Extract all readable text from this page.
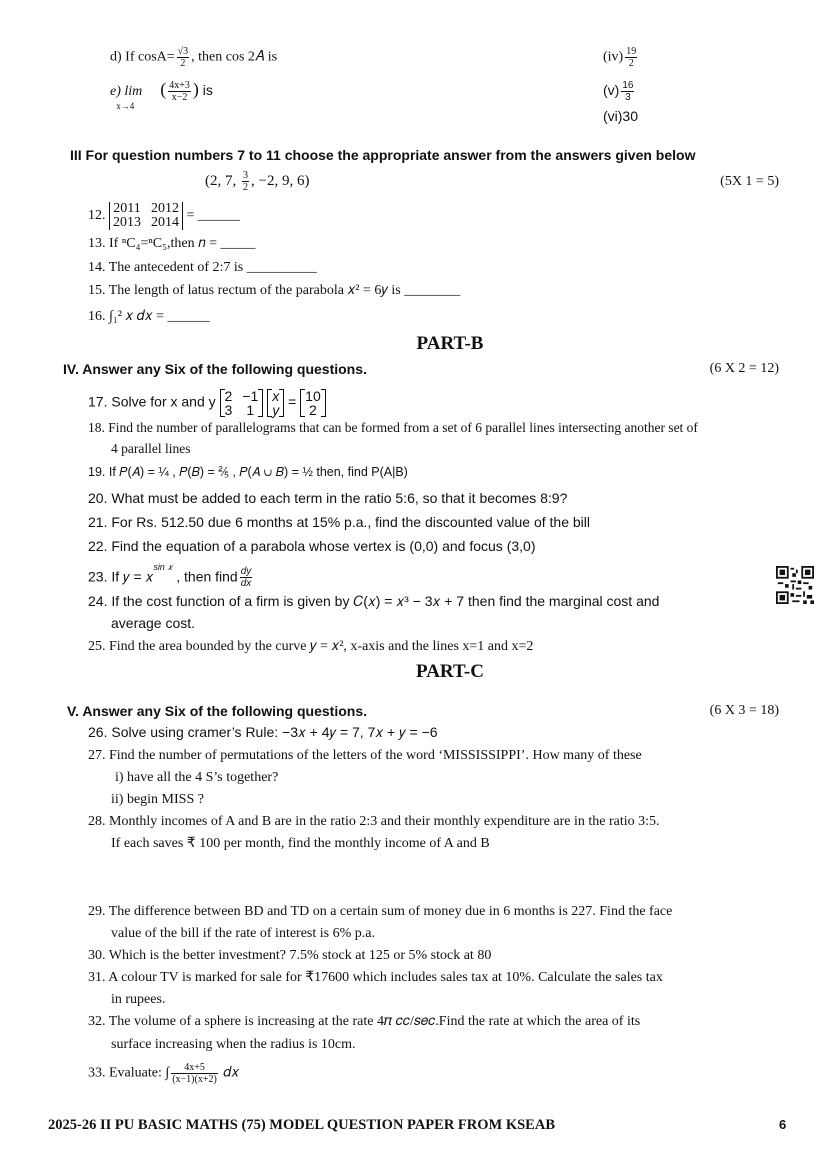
d) If $\cos A= \frac{√3}{2}$ , then cos 2𝐴 is	$(iv) \frac{19}{2}$
e) $\lim_{x\to 4}( \frac{4x+3}{x-2}$ ) is	$(v) \frac{16}{3}$
(vi)30
III For question numbers 7 to 11 choose the appropriate answer from the answers given below
(2, 7, $\frac{3}{2}$ , −2, 9, 6)	(5X 1 = 5)
12. 2011 2012
2013 2014 = ______
13. If ⁿC₄=ⁿC₅,then 𝑛 = _____
14. The antecedent of 2:7 is __________
15. The length of latus rectum of the parabola 𝑥² = 6𝑦 is ________
16. ∫₁² 𝑥 𝑑𝑥 = ______
PART-B
IV. Answer any Six of the following questions.	(6 X 2 = 12)
17. Solve for x and y 2 −1
3 1

x
y
= 10
2
18. Find the number of parallelograms that can be formed from a set of 6 parallel lines intersecting another set of
4 parallel lines
19. If 𝑃(𝐴) = ¼ , 𝑃(𝐵) = ⅖ , 𝑃(𝐴 ∪ 𝐵) = ½ then, find P(A|B)
20. What must be added to each term in the ratio 5:6, so that it becomes 8:9?
21. For Rs. 512.50 due 6 months at 15% p.a., find the discounted value of the bill
22. Find the equation of a parabola whose vertex is (0,0) and focus (3,0)
23. If 𝑦 = 𝑥$^{sin 𝑥}$ , then find $\frac{dy}{dx}$
24. If the cost function of a firm is given by 𝐶(𝑥) = 𝑥³ − 3𝑥 + 7 then find the marginal cost and
average cost.
25. Find the area bounded by the curve 𝑦 = 𝑥², x-axis and the lines x=1 and x=2
PART-C
V. Answer any Six of the following questions.	(6 X 3 = 18)
26. Solve using cramer’s Rule: −3𝑥 + 4𝑦 = 7, 7𝑥 + 𝑦 = −6
27. Find the number of permutations of the letters of the word ‘MISSISSIPPI’. How many of these
i) have all the 4 S’s together?
ii) begin MISS ?
28. Monthly incomes of A and B are in the ratio 2:3 and their monthly expenditure are in the ratio 3:5.
If each saves ₹ 100 per month, find the monthly income of A and B
29. The difference between BD and TD on a certain sum of money due in 6 months is 227. Find the face
value of the bill if the rate of interest is 6% p.a.
30. Which is the better investment? 7.5% stock at 125 or 5% stock at 80
31. A colour TV is marked for sale for ₹17600 which includes sales tax at 10%. Calculate the sales tax
in rupees.
32. The volume of a sphere is increasing at the rate 4𝜋 𝑐𝑐/𝑠𝑒𝑐.Find the rate at which the area of its
surface increasing when the radius is 10cm.
33. Evaluate: ∫ $\frac{4x+5}{(x-1)(x+2)}$ 𝑑𝑥
2025-26 II PU BASIC MATHS (75) MODEL QUESTION PAPER FROM KSEAB	6
